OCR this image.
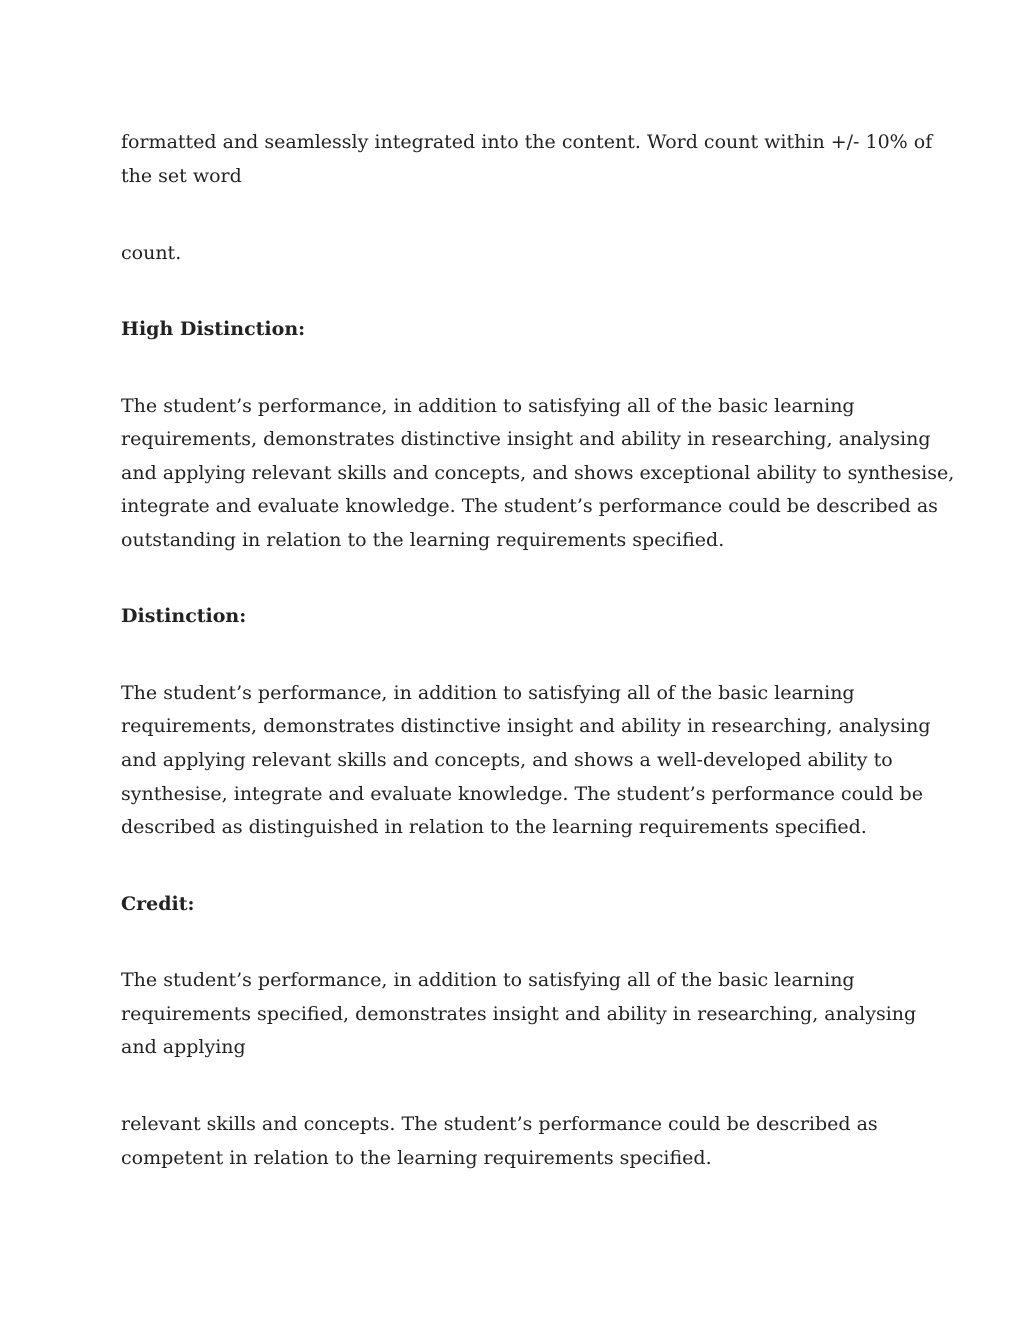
formatted and seamlessly integrated into the content. Word count within +/- 10% of

the set word

count.

High Distinction:

The student’s performance, in addition to satisfying all of the basic learning

requirements, demonstrates distinctive insight and ability in researching, analysing

and applying relevant skills and concepts, and shows exceptional ability to synthesise,

integrate and evaluate knowledge. The student’s performance could be described as

outstanding in relation to the learning requirements specified.

Distinction:

The student’s performance, in addition to satisfying all of the basic learning

requirements, demonstrates distinctive insight and ability in researching, analysing

and applying relevant skills and concepts, and shows a well-developed ability to

synthesise, integrate and evaluate knowledge. The student’s performance could be

described as distinguished in relation to the learning requirements specified.

Credit:

The student’s performance, in addition to satisfying all of the basic learning

requirements specified, demonstrates insight and ability in researching, analysing

and applying

relevant skills and concepts. The student’s performance could be described as

competent in relation to the learning requirements specified.
